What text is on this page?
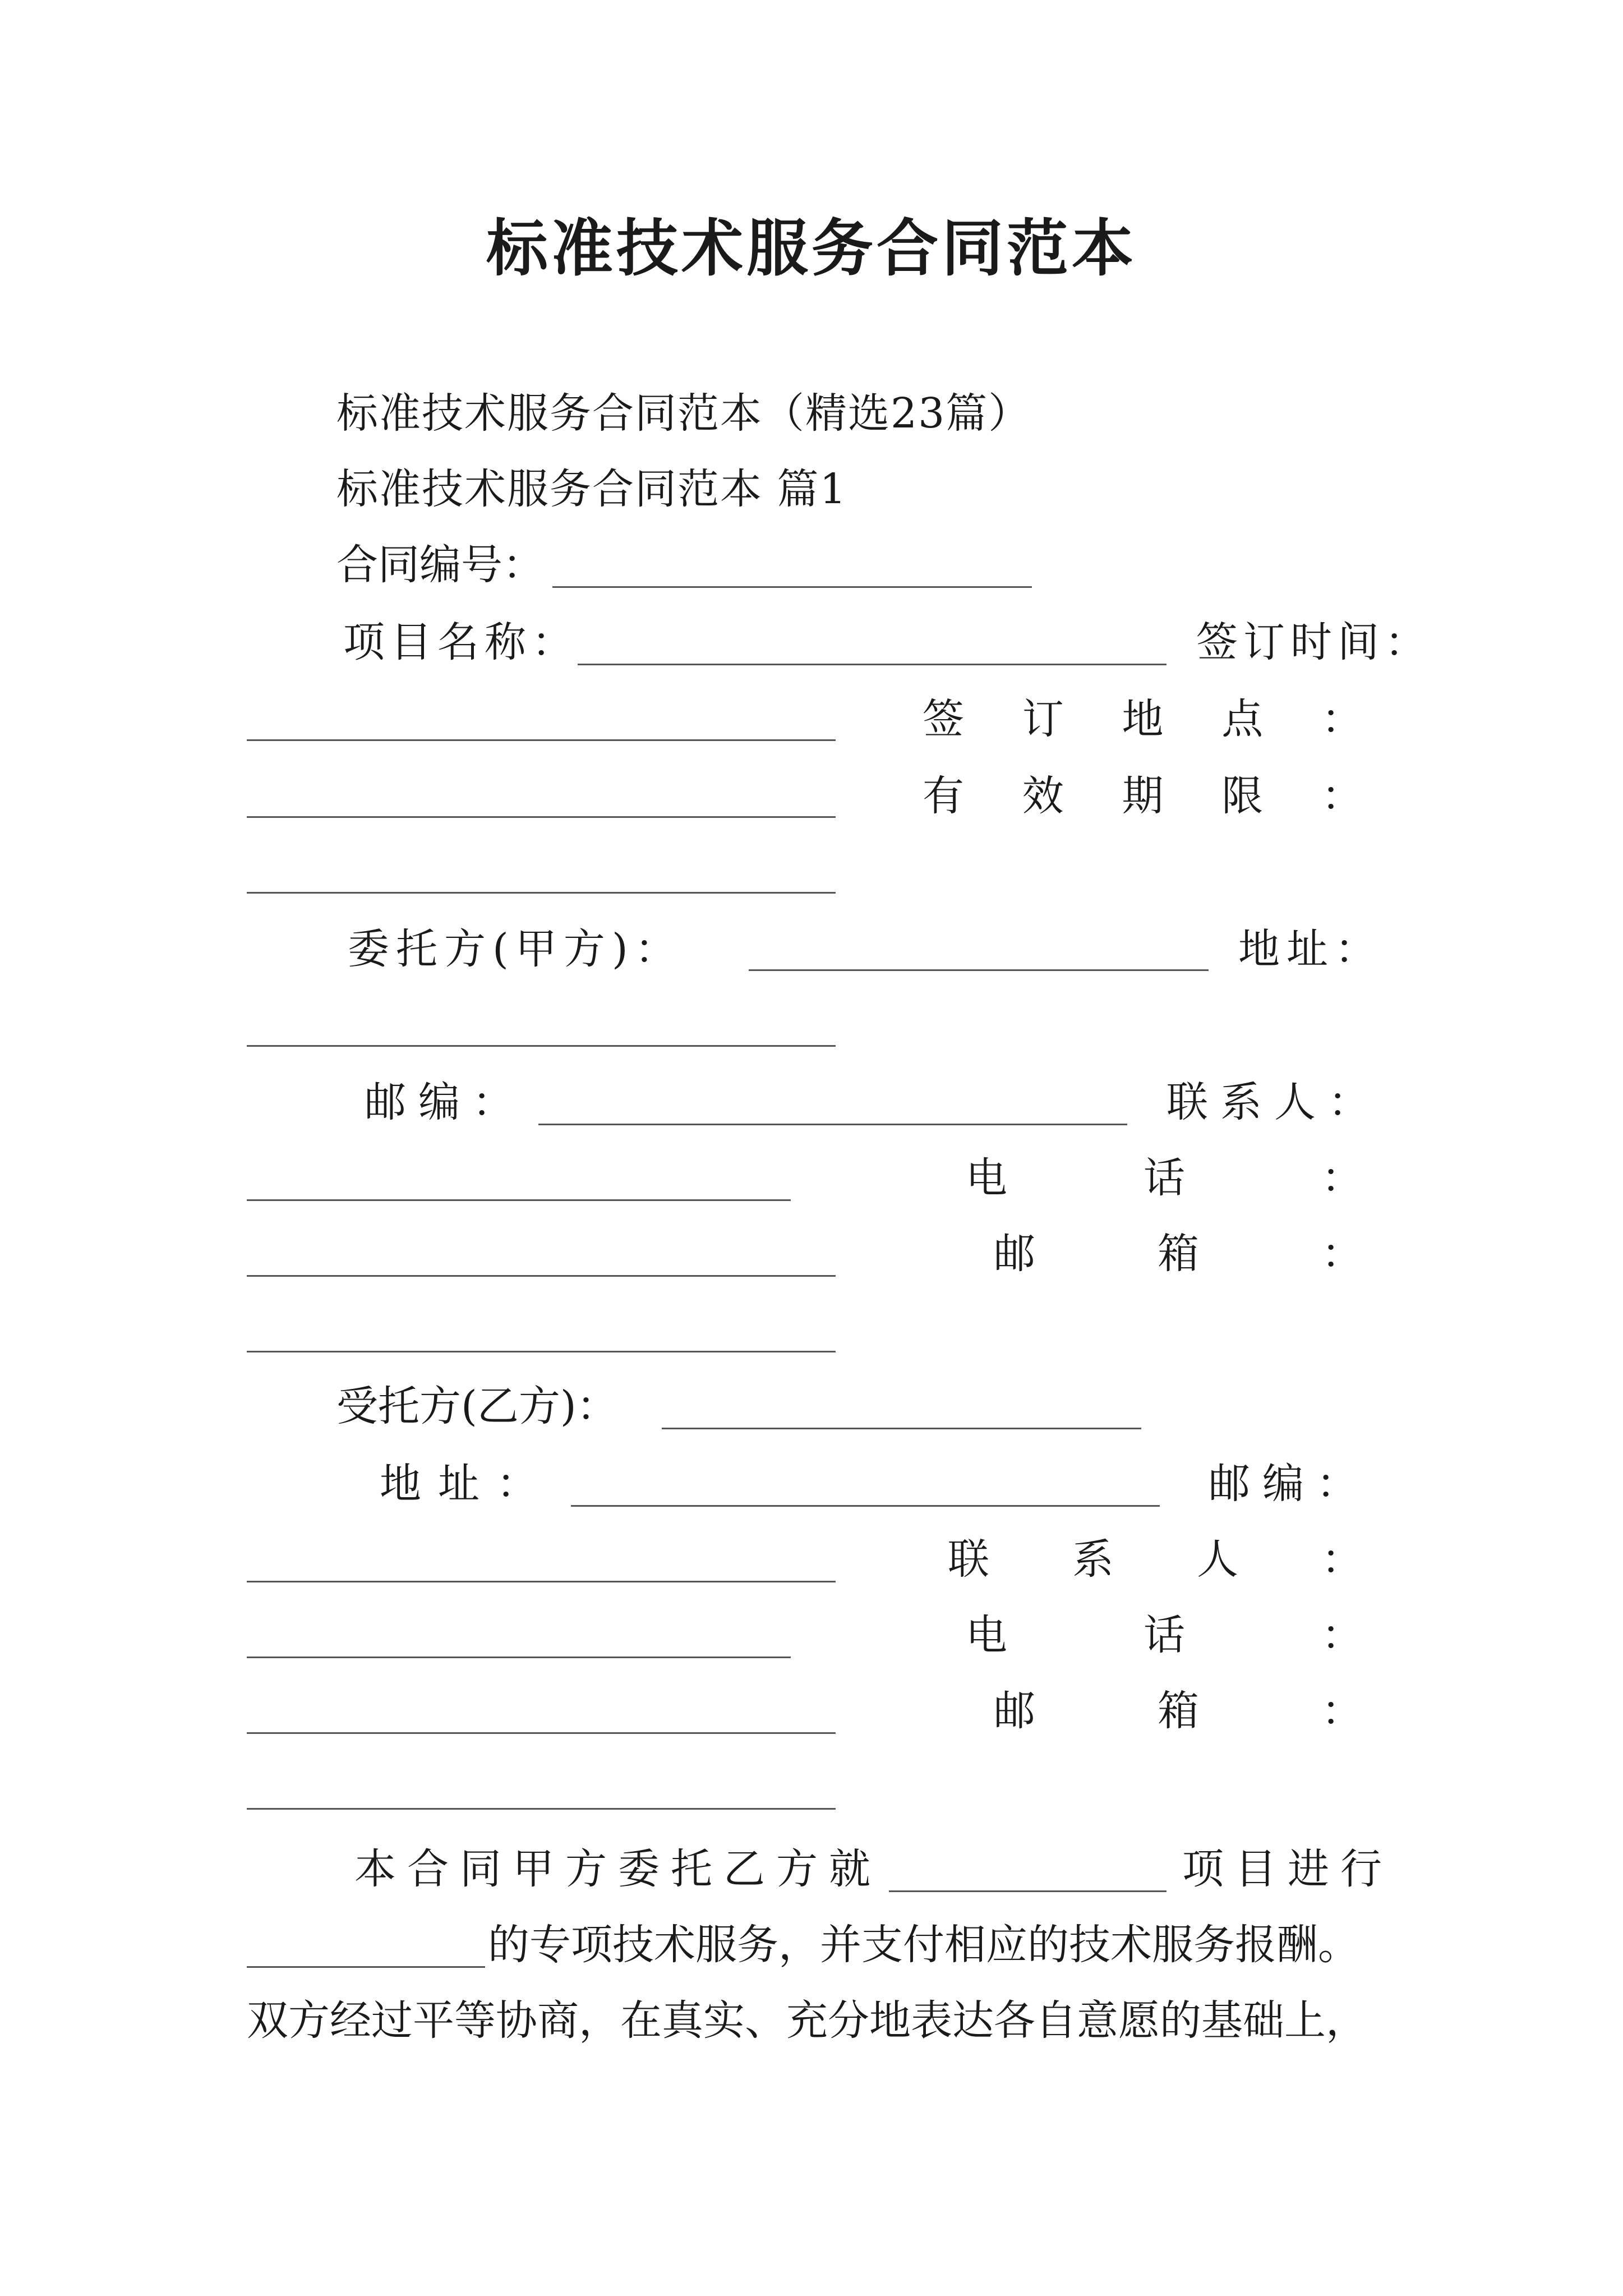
标准技术服务合同范本
标准技术服务合同范本（精选23篇）
标准技术服务合同范本 篇1
合同编号：
项目名称：	签订时间：
签 订 地 点 ：
有 效 期 限 ：
委托方(甲方)：	地址：
邮编：	联系人：
电	话	：
邮	箱	：
受托方(乙方)：
地址：	邮编：
联 系 人 ：
电	话	：
邮	箱	：
本合同甲方委托乙方就	项目进行
的专项技术服务，并支付相应的技术服务报酬。
双方经过平等协商，在真实、充分地表达各自意愿的基础上，
